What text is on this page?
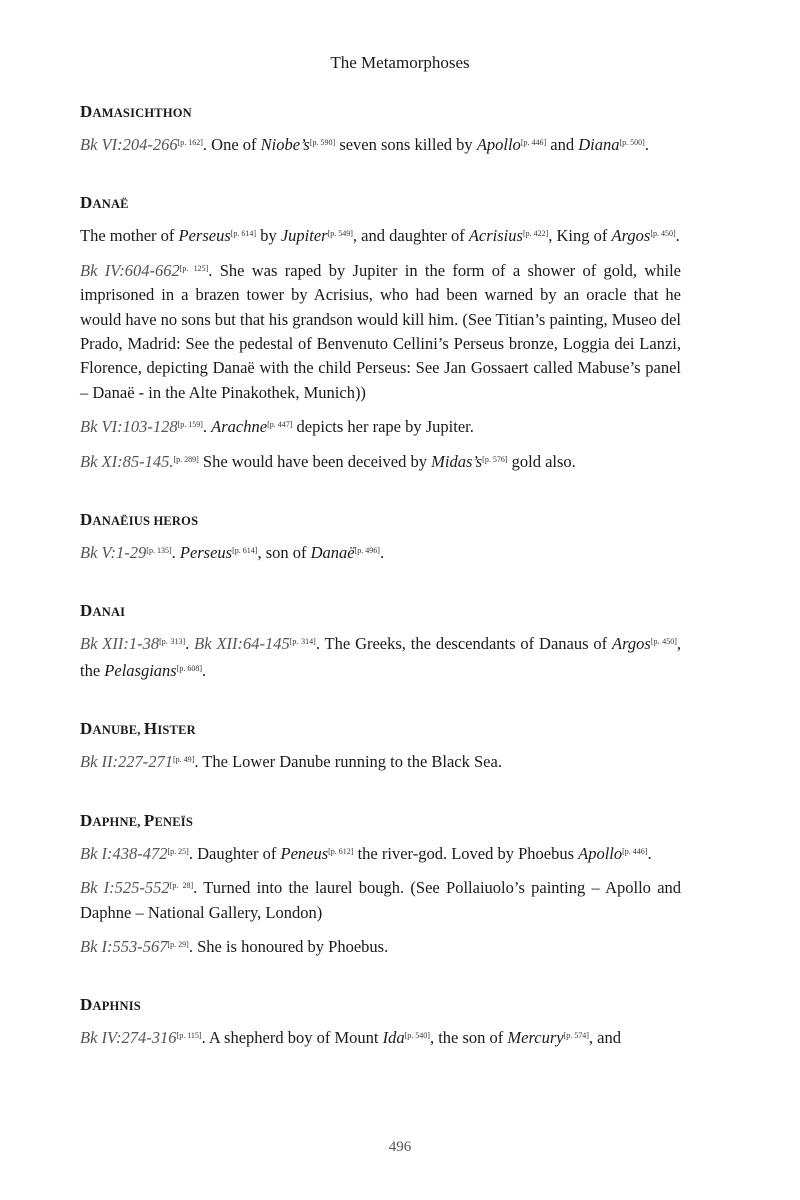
The Metamorphoses
DAMASICHTHON

Bk VI:204-266[p. 162]. One of Niobe’s[p. 590] seven sons killed by Apollo[p. 446] and Diana[p. 500].

DANAË

The mother of Perseus[p. 614] by Jupiter[p. 549], and daughter of Acrisius[p. 422], King of Argos[p. 450].

Bk IV:604-662[p. 125]. She was raped by Jupiter in the form of a shower of gold, while imprisoned in a brazen tower by Acrisius, who had been warned by an oracle that he would have no sons but that his grandson would kill him. (See Titian’s painting, Museo del Prado, Madrid: See the pedestal of Benvenuto Cellini’s Perseus bronze, Loggia dei Lanzi, Florence, depicting Danaë with the child Perseus: See Jan Gossaert called Mabuse’s panel – Danaë - in the Alte Pinakothek, Munich))

Bk VI:103-128[p. 159]. Arachne[p. 447] depicts her rape by Jupiter.

Bk XI:85-145.[p. 289] She would have been deceived by Midas’s[p. 576] gold also.

DANAËIUS HEROS

Bk V:1-29[p. 135]. Perseus[p. 614], son of Danaë[p. 496].

DANAI

Bk XII:1-38[p. 313]. Bk XII:64-145[p. 314]. The Greeks, the descendants of Danaus of Argos[p. 450], the Pelasgians[p. 608].

DANUBE, HISTER

Bk II:227-271[p. 49]. The Lower Danube running to the Black Sea.

DAPHNE, PENEÏS

Bk I:438-472[p. 25]. Daughter of Peneus[p. 612] the river-god. Loved by Phoebus Apollo[p. 446].

Bk I:525-552[p. 28]. Turned into the laurel bough. (See Pollaiuolo’s painting – Apollo and Daphne – National Gallery, London)

Bk I:553-567[p. 29]. She is honoured by Phoebus.

DAPHNIS

Bk IV:274-316[p. 115]. A shepherd boy of Mount Ida[p. 540], the son of Mercury[p. 574], and

496
